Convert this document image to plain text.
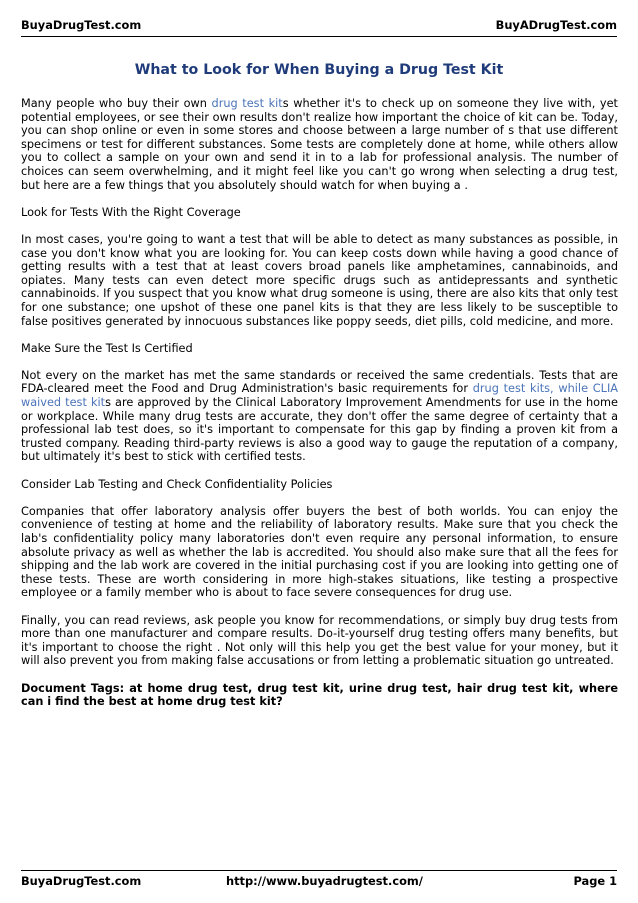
BuyaDrugTest.com	BuyADrugTest.com
What to Look for When Buying a Drug Test Kit

Many people who buy their own drug test kits whether it's to check up on someone they live with, yet potential employees, or see their own results don't realize how important the choice of kit can be. Today, you can shop online or even in some stores and choose between a large number of s that use different specimens or test for different substances. Some tests are completely done at home, while others allow you to collect a sample on your own and send it in to a lab for professional analysis. The number of choices can seem overwhelming, and it might feel like you can't go wrong when selecting a drug test, but here are a few things that you absolutely should watch for when buying a .

Look for Tests With the Right Coverage

In most cases, you're going to want a test that will be able to detect as many substances as possible, in case you don't know what you are looking for. You can keep costs down while having a good chance of getting results with a test that at least covers broad panels like amphetamines, cannabinoids, and opiates. Many tests can even detect more specific drugs such as antidepressants and synthetic cannabinoids. If you suspect that you know what drug someone is using, there are also kits that only test for one substance; one upshot of these one panel kits is that they are less likely to be susceptible to false positives generated by innocuous substances like poppy seeds, diet pills, cold medicine, and more.

Make Sure the Test Is Certified

Not every on the market has met the same standards or received the same credentials. Tests that are FDA-cleared meet the Food and Drug Administration's basic requirements for drug test kits, while CLIA waived test kits are approved by the Clinical Laboratory Improvement Amendments for use in the home or workplace. While many drug tests are accurate, they don't offer the same degree of certainty that a professional lab test does, so it's important to compensate for this gap by finding a proven kit from a trusted company. Reading third-party reviews is also a good way to gauge the reputation of a company, but ultimately it's best to stick with certified tests.

Consider Lab Testing and Check Confidentiality Policies

Companies that offer laboratory analysis offer buyers the best of both worlds. You can enjoy the convenience of testing at home and the reliability of laboratory results. Make sure that you check the lab's confidentiality policy many laboratories don't even require any personal information, to ensure absolute privacy as well as whether the lab is accredited. You should also make sure that all the fees for shipping and the lab work are covered in the initial purchasing cost if you are looking into getting one of these tests. These are worth considering in more high-stakes situations, like testing a prospective employee or a family member who is about to face severe consequences for drug use.

Finally, you can read reviews, ask people you know for recommendations, or simply buy drug tests from more than one manufacturer and compare results. Do-it-yourself drug testing offers many benefits, but it's important to choose the right . Not only will this help you get the best value for your money, but it will also prevent you from making false accusations or from letting a problematic situation go untreated.

Document Tags: at home drug test, drug test kit, urine drug test, hair drug test kit, where can i find the best at home drug test kit?

BuyaDrugTest.com	http://www.buyadrugtest.com/	Page 1
